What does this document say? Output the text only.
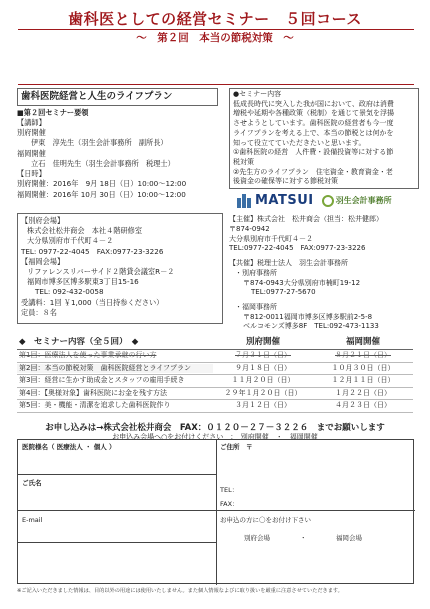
歯科医としての経営セミナー　５回コース
～　第２回　本当の節税対策　～
歯科医院経営と人生のライフプラン
■第２回セミナー要領
【講師】
別府開催
伊東　淳先生（羽生会計事務所　副所長）
福岡開催
立石　佳明先生（羽生会計事務所　税理士）
【日時】
別府開催：2016年　9月 18日（日）10:00～12:00
福岡開催：2016年 10月 30日（日）10:00～12:00
【別府会場】
株式会社松井商会　本社４階研修室
大分県別府市千代町４－２
TEL: 0977-22-4045　FAX:0977-23-3226
【福岡会場】
リファレンスリバーサイド２階貸会議室R－２
福岡市博多区博多駅東3丁目15-16
TEL: 092-432-0058
受講料：1回 ￥1,000（当日持参ください）
定員：８名
●セミナー内容
低成長時代に突入した我が国において、政府は消費
増税や延期や各種政策（税制）を通じて景気を浮揚
させようとしています。歯科医院の経営者も今一度
ライフプランを考える上で、本当の節税とは何かを
知って役立てていただきたいと思います。
①歯科医院の経営　人件費・設備投資等に対する節
税対策
②先生方のライフプラン　住宅資金・教育資金・老
後資金の確保等に対する節税対策
MATSUI	羽生会計事務所
【主催】株式会社　松井商会（担当：松井健郎）
〒874-0942
大分県別府市千代町４－２
TEL:0977-22-4045　FAX:0977-23-3226
【共催】税理士法人　羽生会計事務所
・別府事務所
〒874-0943大分県別府市楠町19-12
TEL:0977-27-5670
・福岡事務所
〒812-0011福岡市博多区博多駅前2-5-8
ベルコモンズ博多8F　TEL:092-473-1133
◆　セミナー内容（全５回）　◆	別府開催	福岡開催
第1回：医療法人を使った事業承継の行い方	７月３１日（日）	８月２１日（日）
第2回：本当の節税対策　歯科医院経営とライフプラン	９月１８日（日）	１０月３０日（日）
第3回：経営に生かす助成金とスタッフの雇用手続き	１１月２０日（日）	１２月１１日（日）
第4回：【奥様対象】歯科医院にお金を残す方法	２９年１月２０日（日）	１月２２日（日）
第5回：美・機能・清潔を追求した歯科医院作り	３月１２日（日）	４月２３日（日）
お申し込みは→株式会社松井商会　FAX：０１２０－２７－３２２６　までお願いします
お申込み会場へ○をお付けください　：　別府開催　・　福岡開催
医院様名（ 医療法人 ・ 個人 ）	ご住所　〒
ご氏名
TEL：
FAX：
E-mail	お申込の方に〇をお付け下さい
別府会場	・	福岡会場
※ご記入いただきました情報は、目的以外の用途には使用いたしません。また個人情報なよびに取り扱いを厳重に注意させていただきます。
